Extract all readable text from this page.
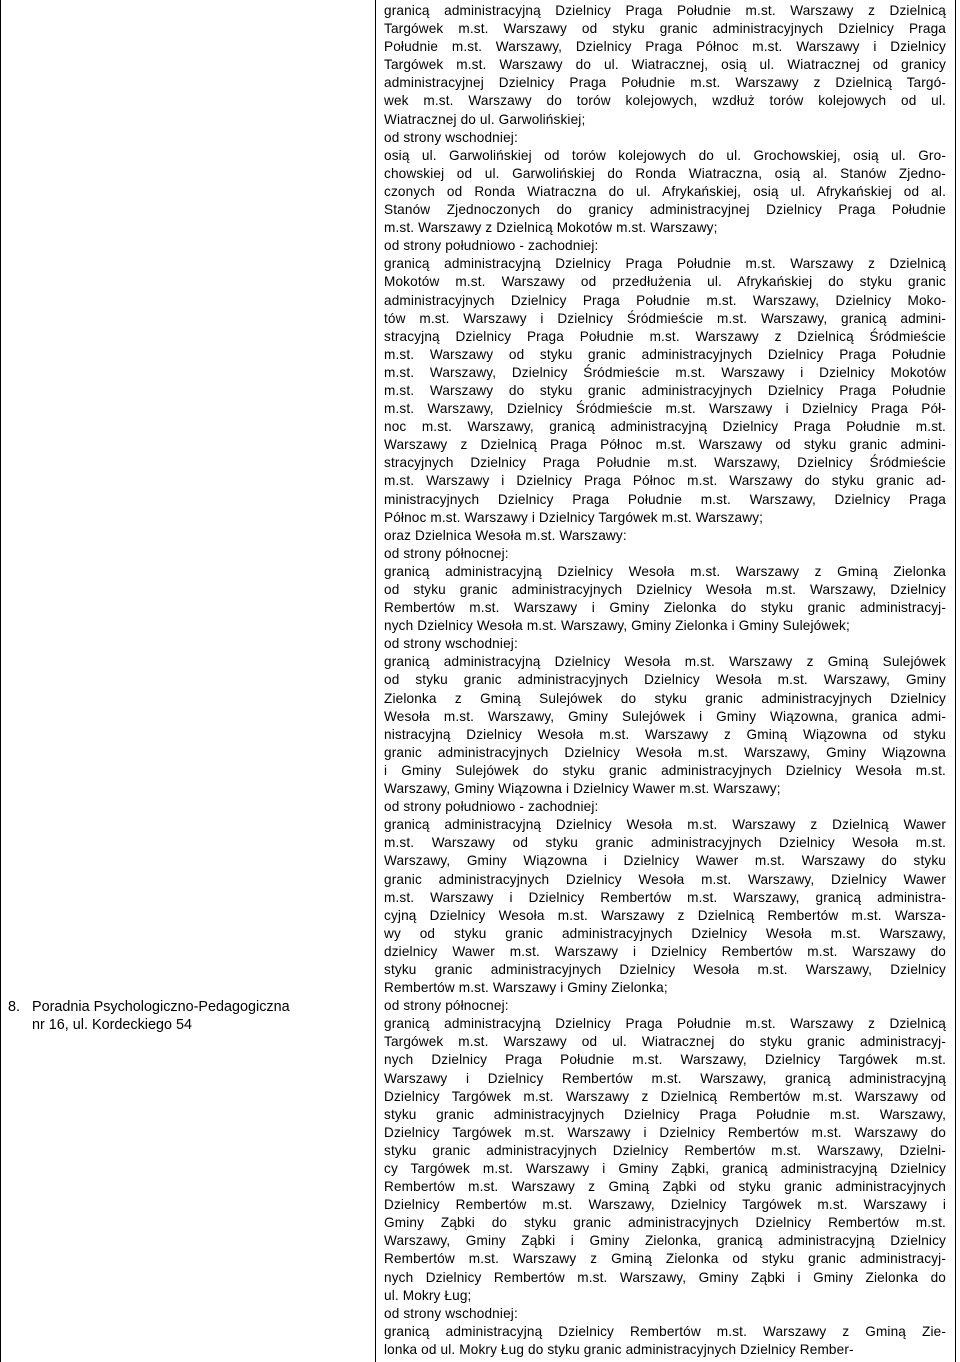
8. Poradnia Psychologiczno-Pedagogiczna
nr 16, ul. Kordeckiego 54
granicą administracyjną Dzielnicy Praga Południe m.st. Warszawy z Dzielnicą
Targówek m.st. Warszawy od styku granic administracyjnych Dzielnicy Praga
Południe m.st. Warszawy, Dzielnicy Praga Północ m.st. Warszawy i Dzielnicy
Targówek m.st. Warszawy do ul. Wiatracznej, osią ul. Wiatracznej od granicy
administracyjnej Dzielnicy Praga Południe m.st. Warszawy z Dzielnicą Targó-
wek m.st. Warszawy do torów kolejowych, wzdłuż torów kolejowych od ul.
Wiatracznej do ul. Garwolińskiej;
od strony wschodniej:
osią ul. Garwolińskiej od torów kolejowych do ul. Grochowskiej, osią ul. Gro-
chowskiej od ul. Garwolińskiej do Ronda Wiatraczna, osią al. Stanów Zjedno-
czonych od Ronda Wiatraczna do ul. Afrykańskiej, osią ul. Afrykańskiej od al.
Stanów Zjednoczonych do granicy administracyjnej Dzielnicy Praga Południe
m.st. Warszawy z Dzielnicą Mokotów m.st. Warszawy;
od strony południowo - zachodniej:
granicą administracyjną Dzielnicy Praga Południe m.st. Warszawy z Dzielnicą
Mokotów m.st. Warszawy od przedłużenia ul. Afrykańskiej do styku granic
administracyjnych Dzielnicy Praga Południe m.st. Warszawy, Dzielnicy Moko-
tów m.st. Warszawy i Dzielnicy Śródmieście m.st. Warszawy, granicą admini-
stracyjną Dzielnicy Praga Południe m.st. Warszawy z Dzielnicą Śródmieście
m.st. Warszawy od styku granic administracyjnych Dzielnicy Praga Południe
m.st. Warszawy, Dzielnicy Śródmieście m.st. Warszawy i Dzielnicy Mokotów
m.st. Warszawy do styku granic administracyjnych Dzielnicy Praga Południe
m.st. Warszawy, Dzielnicy Śródmieście m.st. Warszawy i Dzielnicy Praga Pół-
noc m.st. Warszawy, granicą administracyjną Dzielnicy Praga Południe m.st.
Warszawy z Dzielnicą Praga Północ m.st. Warszawy od styku granic admini-
stracyjnych Dzielnicy Praga Południe m.st. Warszawy, Dzielnicy Śródmieście
m.st. Warszawy i Dzielnicy Praga Północ m.st. Warszawy do styku granic ad-
ministracyjnych Dzielnicy Praga Południe m.st. Warszawy, Dzielnicy Praga
Północ m.st. Warszawy i Dzielnicy Targówek m.st. Warszawy;
oraz Dzielnica Wesoła m.st. Warszawy:
od strony północnej:
granicą administracyjną Dzielnicy Wesoła m.st. Warszawy z Gminą Zielonka
od styku granic administracyjnych Dzielnicy Wesoła m.st. Warszawy, Dzielnicy
Rembertów m.st. Warszawy i Gminy Zielonka do styku granic administracyj-
nych Dzielnicy Wesoła m.st. Warszawy, Gminy Zielonka i Gminy Sulejówek;
od strony wschodniej:
granicą administracyjną Dzielnicy Wesoła m.st. Warszawy z Gminą Sulejówek
od styku granic administracyjnych Dzielnicy Wesoła m.st. Warszawy, Gminy
Zielonka z Gminą Sulejówek do styku granic administracyjnych Dzielnicy
Wesoła m.st. Warszawy, Gminy Sulejówek i Gminy Wiązowna, granica admi-
nistracyjną Dzielnicy Wesoła m.st. Warszawy z Gminą Wiązowna od styku
granic administracyjnych Dzielnicy Wesoła m.st. Warszawy, Gminy Wiązowna
i Gminy Sulejówek do styku granic administracyjnych Dzielnicy Wesoła m.st.
Warszawy, Gminy Wiązowna i Dzielnicy Wawer m.st. Warszawy;
od strony południowo - zachodniej:
granicą administracyjną Dzielnicy Wesoła m.st. Warszawy z Dzielnicą Wawer
m.st. Warszawy od styku granic administracyjnych Dzielnicy Wesoła m.st.
Warszawy, Gminy Wiązowna i Dzielnicy Wawer m.st. Warszawy do styku
granic administracyjnych Dzielnicy Wesoła m.st. Warszawy, Dzielnicy Wawer
m.st. Warszawy i Dzielnicy Rembertów m.st. Warszawy, granicą administra-
cyjną Dzielnicy Wesoła m.st. Warszawy z Dzielnicą Rembertów m.st. Warsza-
wy od styku granic administracyjnych Dzielnicy Wesoła m.st. Warszawy,
dzielnicy Wawer m.st. Warszawy i Dzielnicy Rembertów m.st. Warszawy do
styku granic administracyjnych Dzielnicy Wesoła m.st. Warszawy, Dzielnicy
Rembertów m.st. Warszawy i Gminy Zielonka;
od strony północnej:
granicą administracyjną Dzielnicy Praga Południe m.st. Warszawy z Dzielnicą
Targówek m.st. Warszawy od ul. Wiatracznej do styku granic administracyj-
nych Dzielnicy Praga Południe m.st. Warszawy, Dzielnicy Targówek m.st.
Warszawy i Dzielnicy Rembertów m.st. Warszawy, granicą administracyjną
Dzielnicy Targówek m.st. Warszawy z Dzielnicą Rembertów m.st. Warszawy od
styku granic administracyjnych Dzielnicy Praga Południe m.st. Warszawy,
Dzielnicy Targówek m.st. Warszawy i Dzielnicy Rembertów m.st. Warszawy do
styku granic administracyjnych Dzielnicy Rembertów m.st. Warszawy, Dzielni-
cy Targówek m.st. Warszawy i Gminy Ząbki, granicą administracyjną Dzielnicy
Rembertów m.st. Warszawy z Gminą Ząbki od styku granic administracyjnych
Dzielnicy Rembertów m.st. Warszawy, Dzielnicy Targówek m.st. Warszawy i
Gminy Ząbki do styku granic administracyjnych Dzielnicy Rembertów m.st.
Warszawy, Gminy Ząbki i Gminy Zielonka, granicą administracyjną Dzielnicy
Rembertów m.st. Warszawy z Gminą Zielonka od styku granic administracyj-
nych Dzielnicy Rembertów m.st. Warszawy, Gminy Ząbki i Gminy Zielonka do
ul. Mokry Ług;
od strony wschodniej:
granicą administracyjną Dzielnicy Rembertów m.st. Warszawy z Gminą Zie-
lonka od ul. Mokry Ług do styku granic administracyjnych Dzielnicy Rember-
